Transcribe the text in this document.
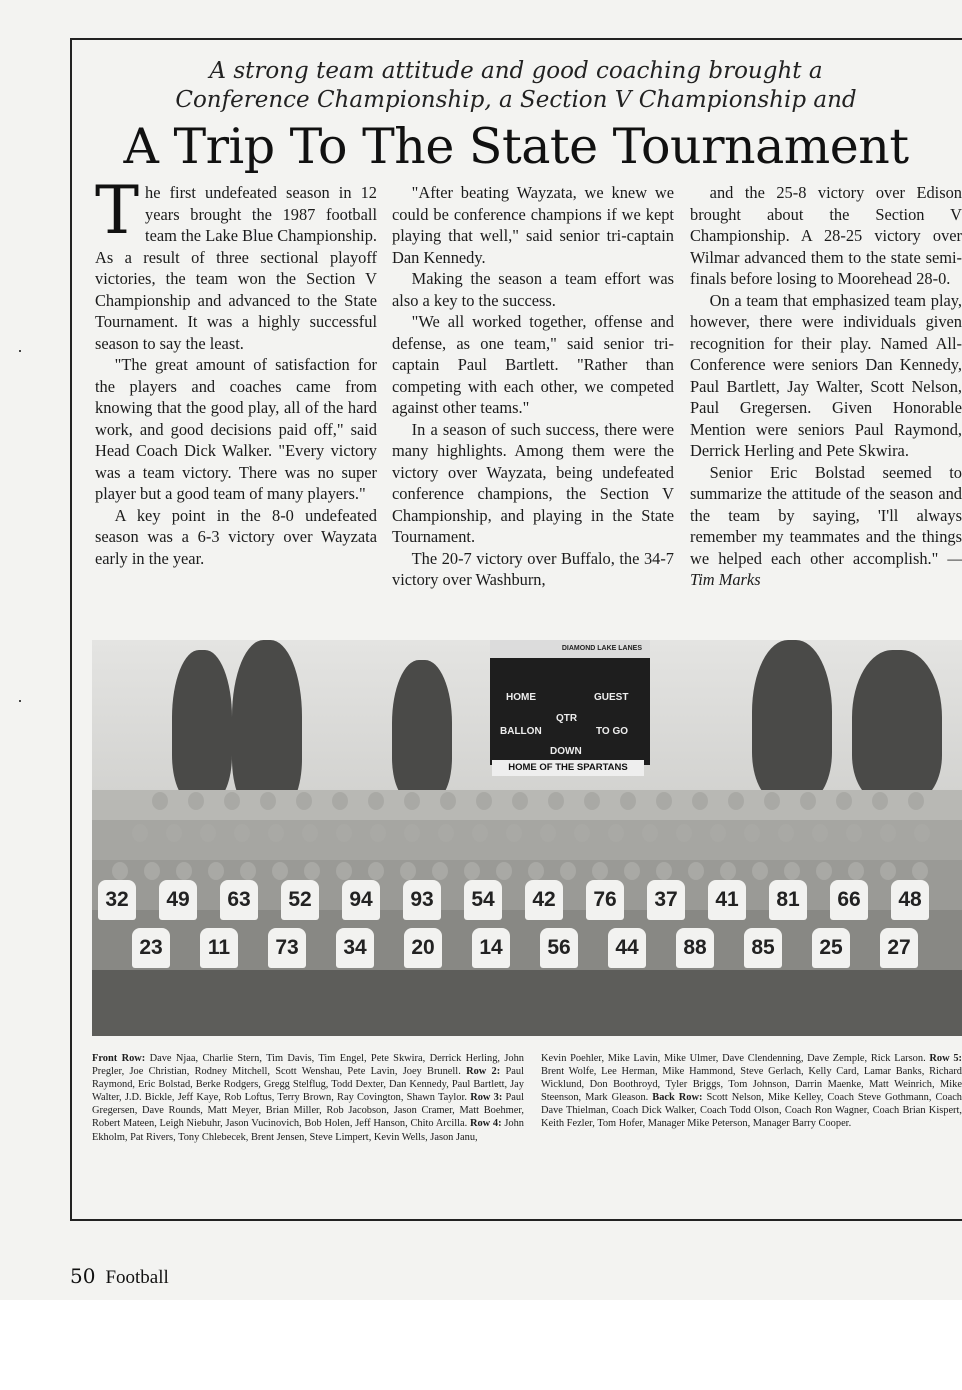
A strong team attitude and good coaching brought a
Conference Championship, a Section V Championship and
A Trip To The State Tournament

The first undefeated season in 12 years brought the 1987 football team the Lake Blue Championship. As a result of three sectional playoff victories, the team won the Section V Championship and advanced to the State Tournament. It was a highly successful season to say the least.

"The great amount of satisfaction for the players and coaches came from knowing that the good play, all of the hard work, and good decisions paid off," said Head Coach Dick Walker. "Every victory was a team victory. There was no super player but a good team of many players."

A key point in the 8-0 undefeated season was a 6-3 victory over Wayzata early in the year.

"After beating Wayzata, we knew we could be conference champions if we kept playing that well," said senior tri-captain Dan Kennedy.

Making the season a team effort was also a key to the success.

"We all worked together, offense and defense, as one team," said senior tri-captain Paul Bartlett. "Rather than competing with each other, we competed against other teams."

In a season of such success, there were many highlights. Among them were the victory over Wayzata, being undefeated conference champions, the Section V Championship, and playing in the State Tournament.

The 20-7 victory over Buffalo, the 34-7 victory over Washburn,

and the 25-8 victory over Edison brought about the Section V Championship. A 28-25 victory over Wilmar advanced them to the state semi-finals before losing to Moorehead 28-0.

On a team that emphasized team play, however, there were individuals given recognition for their play. Named All-Conference were seniors Dan Kennedy, Paul Bartlett, Jay Walter, Scott Nelson, Paul Gregersen. Given Honorable Mention were seniors Paul Raymond, Derrick Herling and Pete Skwira.

Senior Eric Bolstad seemed to summarize the attitude of the season and the team by saying, 'I'll always remember my teammates and the things we helped each other accomplish." — Tim Marks

DIAMOND LAKE LANES
HOME	GUEST
QTR
BALLON	TO GO
DOWN
HOME OF THE SPARTANS
32	49	63	52	94	93	54	42	76	37	41	81	66	48
23	11	73	34	20	14	56	44	88	85	25	27
Front Row: Dave Njaa, Charlie Stern, Tim Davis, Tim Engel, Pete Skwira, Derrick Herling, John Pregler, Joe Christian, Rodney Mitchell, Scott Wenshau, Pete Lavin, Joey Brunell. Row 2: Paul Raymond, Eric Bolstad, Berke Rodgers, Gregg Stelflug, Todd Dexter, Dan Kennedy, Paul Bartlett, Jay Walter, J.D. Bickle, Jeff Kaye, Rob Loftus, Terry Brown, Ray Covington, Shawn Taylor. Row 3: Paul Gregersen, Dave Rounds, Matt Meyer, Brian Miller, Rob Jacobson, Jason Cramer, Matt Boehmer, Robert Mateen, Leigh Niebuhr, Jason Vucinovich, Bob Holen, Jeff Hanson, Chito Arcilla. Row 4: John Ekholm, Pat Rivers, Tony Chlebecek, Brent Jensen, Steve Limpert, Kevin Wells, Jason Janu,
Kevin Poehler, Mike Lavin, Mike Ulmer, Dave Clendenning, Dave Zemple, Rick Larson. Row 5: Brent Wolfe, Lee Herman, Mike Hammond, Steve Gerlach, Kelly Card, Lamar Banks, Richard Wicklund, Don Boothroyd, Tyler Briggs, Tom Johnson, Darrin Maenke, Matt Weinrich, Mike Steenson, Mark Gleason. Back Row: Scott Nelson, Mike Kelley, Coach Steve Gothmann, Coach Dave Thielman, Coach Dick Walker, Coach Todd Olson, Coach Ron Wagner, Coach Brian Kispert, Keith Fezler, Tom Hofer, Manager Mike Peterson, Manager Barry Cooper.
50 Football
